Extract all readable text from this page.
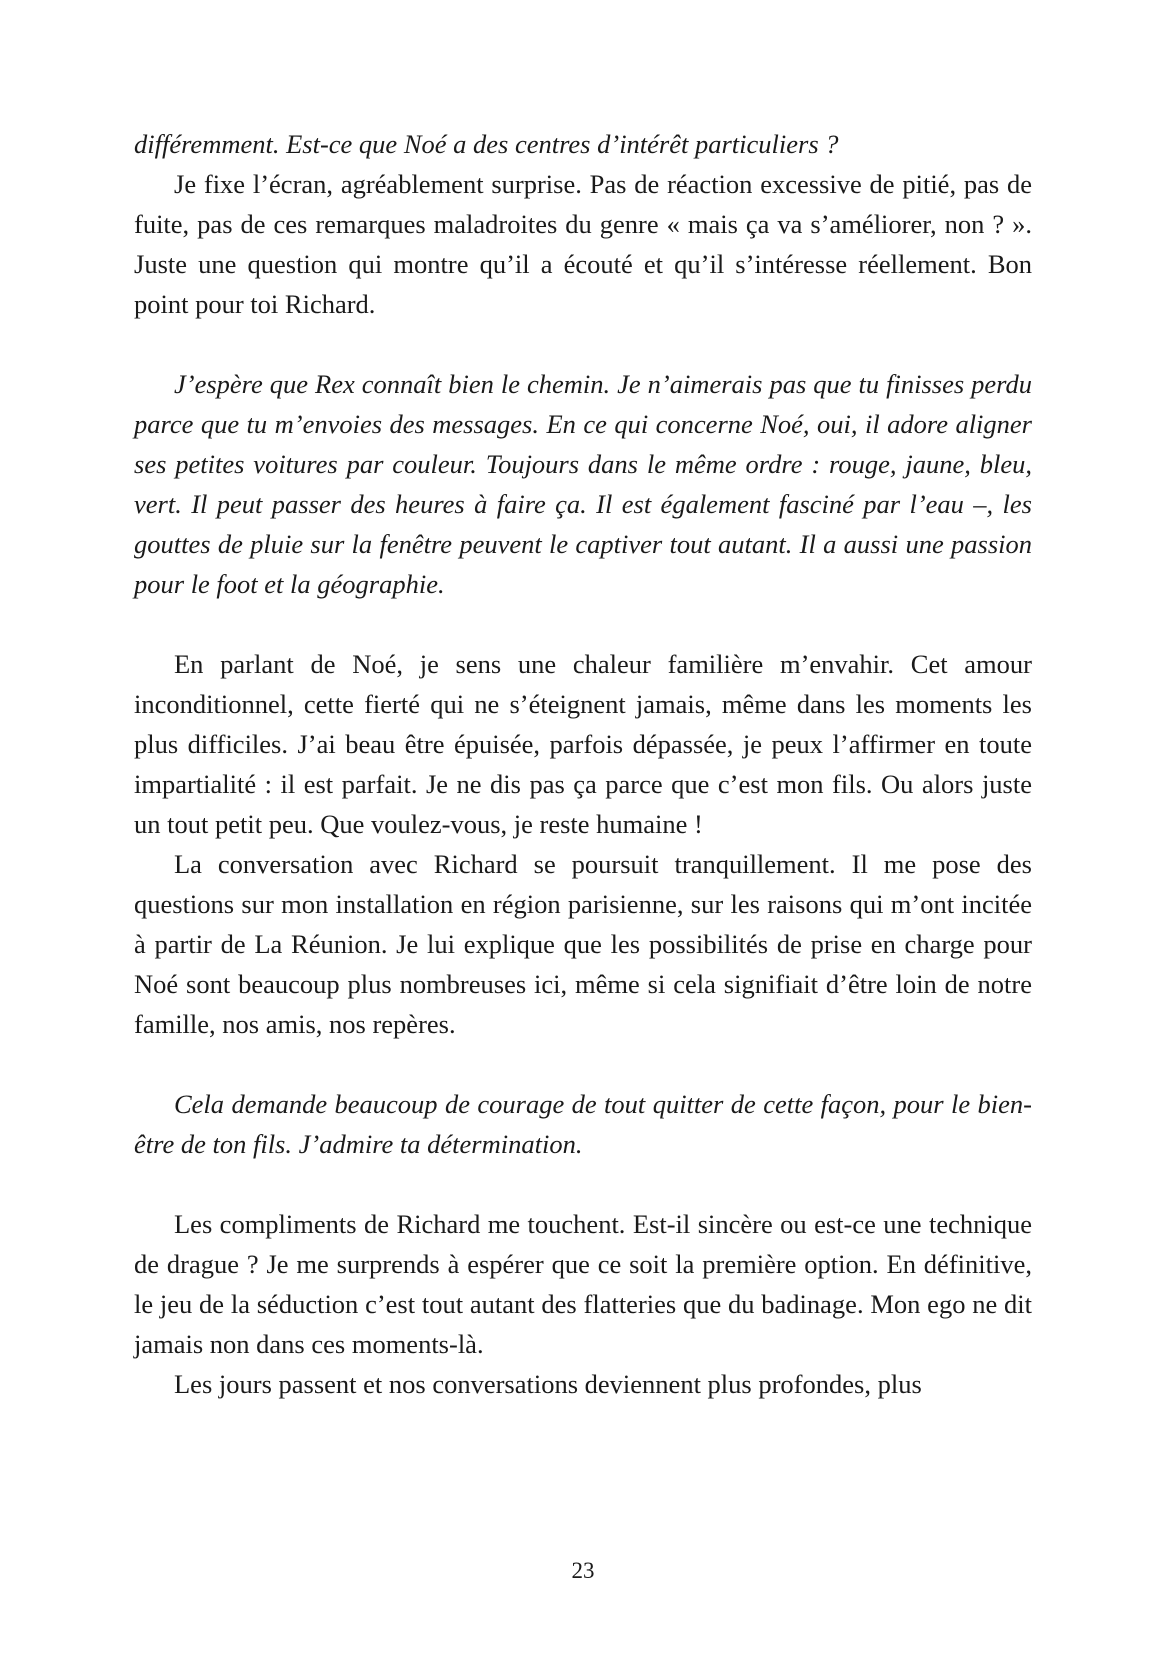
différemment. Est-ce que Noé a des centres d’intérêt particuliers ?

Je fixe l’écran, agréablement surprise. Pas de réaction excessive de pitié, pas de fuite, pas de ces remarques maladroites du genre « mais ça va s’améliorer, non ? ». Juste une question qui montre qu’il a écouté et qu’il s’intéresse réellement. Bon point pour toi Richard.

J’espère que Rex connaît bien le chemin. Je n’aimerais pas que tu finisses perdu parce que tu m’envoies des messages. En ce qui concerne Noé, oui, il adore aligner ses petites voitures par couleur. Toujours dans le même ordre : rouge, jaune, bleu, vert. Il peut passer des heures à faire ça. Il est également fasciné par l’eau –, les gouttes de pluie sur la fenêtre peuvent le captiver tout autant. Il a aussi une passion pour le foot et la géographie.

En parlant de Noé, je sens une chaleur familière m’envahir. Cet amour inconditionnel, cette fierté qui ne s’éteignent jamais, même dans les moments les plus difficiles. J’ai beau être épuisée, parfois dépassée, je peux l’affirmer en toute impartialité : il est parfait. Je ne dis pas ça parce que c’est mon fils. Ou alors juste un tout petit peu. Que voulez-vous, je reste humaine !

La conversation avec Richard se poursuit tranquillement. Il me pose des questions sur mon installation en région parisienne, sur les raisons qui m’ont incitée à partir de La Réunion. Je lui explique que les possibilités de prise en charge pour Noé sont beaucoup plus nombreuses ici, même si cela signifiait d’être loin de notre famille, nos amis, nos repères.

Cela demande beaucoup de courage de tout quitter de cette façon, pour le bien-être de ton fils. J’admire ta détermination.

Les compliments de Richard me touchent. Est-il sincère ou est-ce une technique de drague ? Je me surprends à espérer que ce soit la première option. En définitive, le jeu de la séduction c’est tout autant des flatteries que du badinage. Mon ego ne dit jamais non dans ces moments-là.

Les jours passent et nos conversations deviennent plus profondes, plus

23
